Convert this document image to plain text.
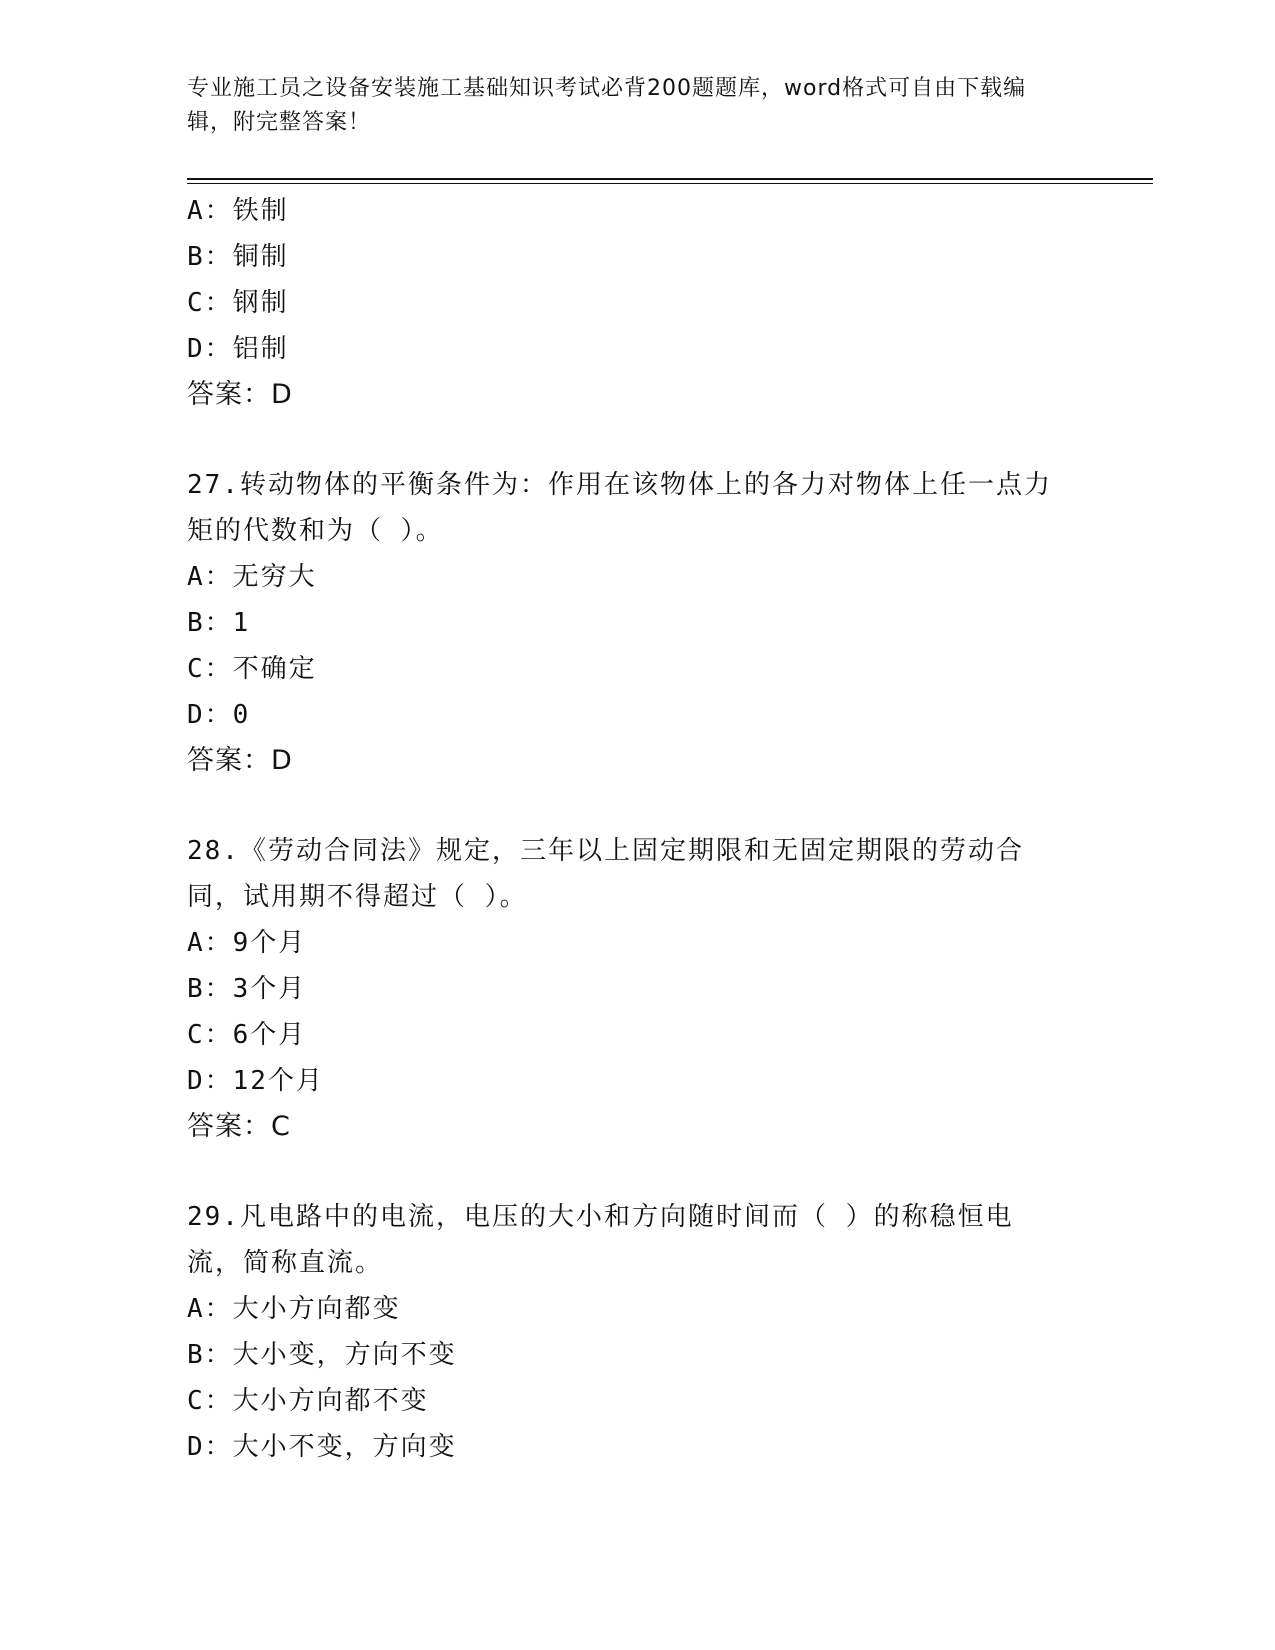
专业施工员之设备安装施工基础知识考试必背200题题库，word格式可自由下载编辑，附完整答案！
A：铁制
B：铜制
C：钢制
D：铝制
答案：D
27.转动物体的平衡条件为：作用在该物体上的各力对物体上任一点力矩的代数和为（ ）。
A：无穷大
B：1
C：不确定
D：0
答案：D
28.《劳动合同法》规定，三年以上固定期限和无固定期限的劳动合同，试用期不得超过（ ）。
A：9个月
B：3个月
C：6个月
D：12个月
答案：C
29.凡电路中的电流，电压的大小和方向随时间而（ ）的称稳恒电流，简称直流。
A：大小方向都变
B：大小变，方向不变
C：大小方向都不变
D：大小不变，方向变
